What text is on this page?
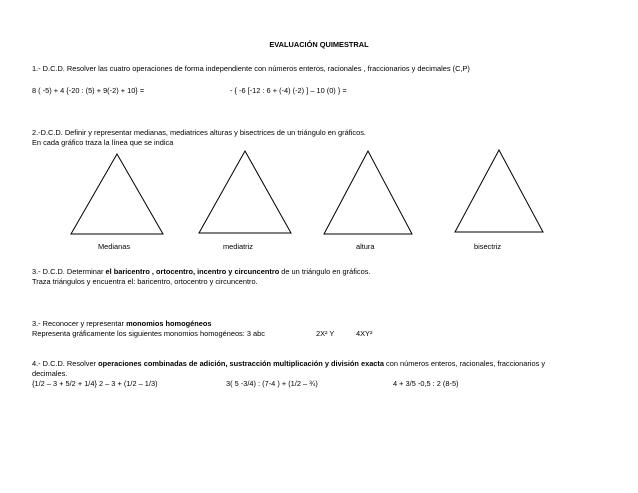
EVALUACIÓN QUIMESTRAL
1.- D.C.D. Resolver las cuatro operaciones de forma independiente con números enteros, racionales , fraccionarios y decimales (C,P)
8 ( -5) + 4 {-20 : (5) + 9(-2) + 10} =	- { -6 [-12 : 6 + (-4) (-2) ] – 10 (0) } =
2.-D.C.D. Definir y representar medianas, mediatrices alturas y bisectrices de un triángulo en gráficos.
En cada gráfico traza la línea que se indica
Medianas	mediatriz	altura	bisectriz
3.- D.C.D. Determinar el baricentro , ortocentro, incentro y circuncentro de un triángulo en gráficos.
Traza triángulos y encuentra el: baricentro, ortocentro y circuncentro.
3.- Reconocer y representar monomios homogéneos
Representa gráficamente los siguientes monomios homogéneos: 3 abc	2X² Y	4XY²
4.- D.C.D. Resolver operaciones combinadas de adición, sustracción multiplicación y división exacta con números enteros, racionales, fraccionarios y
decimales.
{1/2 – 3 + 5/2 + 1/4} 2 – 3 + (1/2 – 1/3)	3( 5 -3/4) : (7-4 ) + (1/2 – ¾)	4 + 3/5 -0,5 : 2 (8-5)
